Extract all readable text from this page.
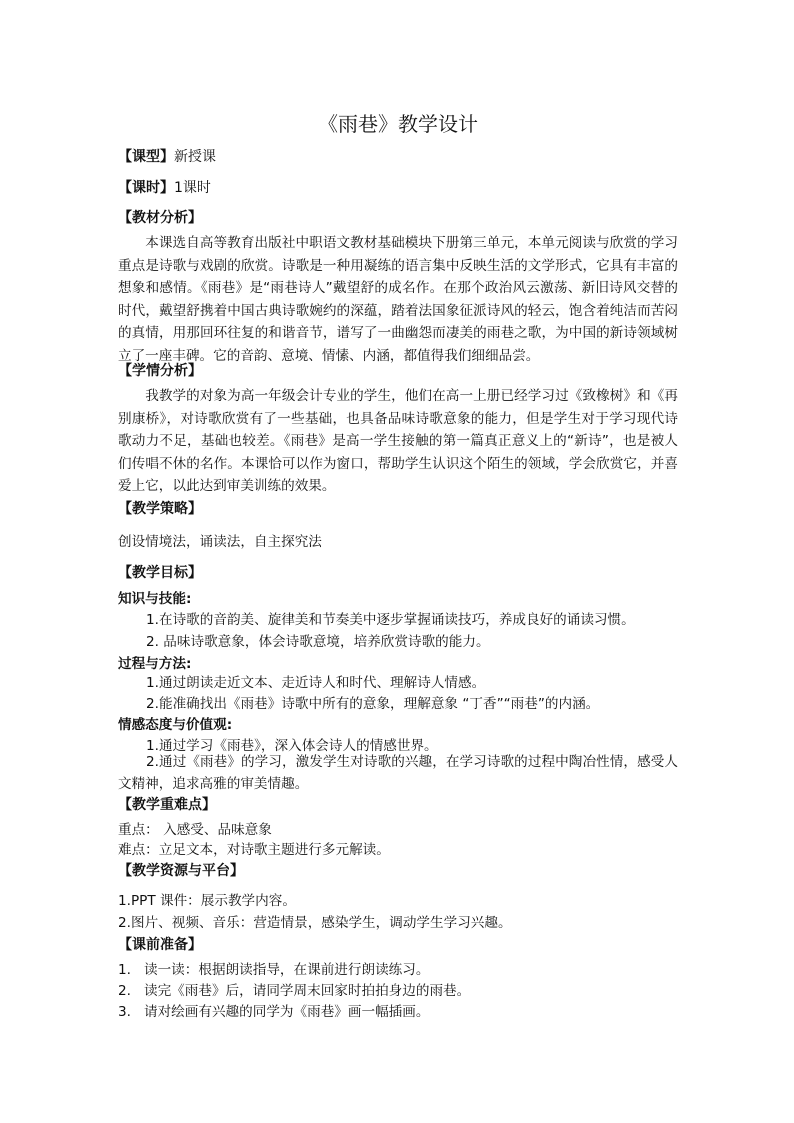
《雨巷》教学设计
【课型】新授课
【课时】1课时
【教材分析】
本课选自高等教育出版社中职语文教材基础模块下册第三单元，本单元阅读与欣赏的学习重点是诗歌与戏剧的欣赏。诗歌是一种用凝练的语言集中反映生活的文学形式，它具有丰富的想象和感情。《雨巷》是“雨巷诗人”戴望舒的成名作。在那个政治风云激荡、新旧诗风交替的时代，戴望舒携着中国古典诗歌婉约的深蕴，踏着法国象征派诗风的轻云，饱含着纯洁而苦闷的真情，用那回环往复的和谐音节，谱写了一曲幽怨而凄美的雨巷之歌，为中国的新诗领域树立了一座丰碑。它的音韵、意境、情愫、内涵，都值得我们细细品尝。
【学情分析】
我教学的对象为高一年级会计专业的学生，他们在高一上册已经学习过《致橡树》和《再别康桥》，对诗歌欣赏有了一些基础，也具备品味诗歌意象的能力，但是学生对于学习现代诗歌动力不足，基础也较差。《雨巷》是高一学生接触的第一篇真正意义上的“新诗”，也是被人们传唱不休的名作。本课恰可以作为窗口，帮助学生认识这个陌生的领域，学会欣赏它，并喜爱上它，以此达到审美训练的效果。
【教学策略】
创设情境法，诵读法，自主探究法
【教学目标】
知识与技能:
1.在诗歌的音韵美、旋律美和节奏美中逐步掌握诵读技巧，养成良好的诵读习惯。
2. 品味诗歌意象，体会诗歌意境，培养欣赏诗歌的能力。
过程与方法:
1.通过朗读走近文本、走近诗人和时代、理解诗人情感。
2.能准确找出《雨巷》诗歌中所有的意象，理解意象 “丁香”“雨巷”的内涵。
情感态度与价值观:
1.通过学习《雨巷》，深入体会诗人的情感世界。
2.通过《雨巷》的学习，激发学生对诗歌的兴趣，在学习诗歌的过程中陶冶性情，感受人文精神，追求高雅的审美情趣。
【教学重难点】
重点： 入感受、品味意象
难点：立足文本，对诗歌主题进行多元解读。
【教学资源与平台】
1.PPT 课件：展示教学内容。
2.图片、视频、音乐：营造情景，感染学生，调动学生学习兴趣。
【课前准备】
1. 读一读：根据朗读指导，在课前进行朗读练习。
2. 读完《雨巷》后，请同学周末回家时拍拍身边的雨巷。
3. 请对绘画有兴趣的同学为《雨巷》画一幅插画。
